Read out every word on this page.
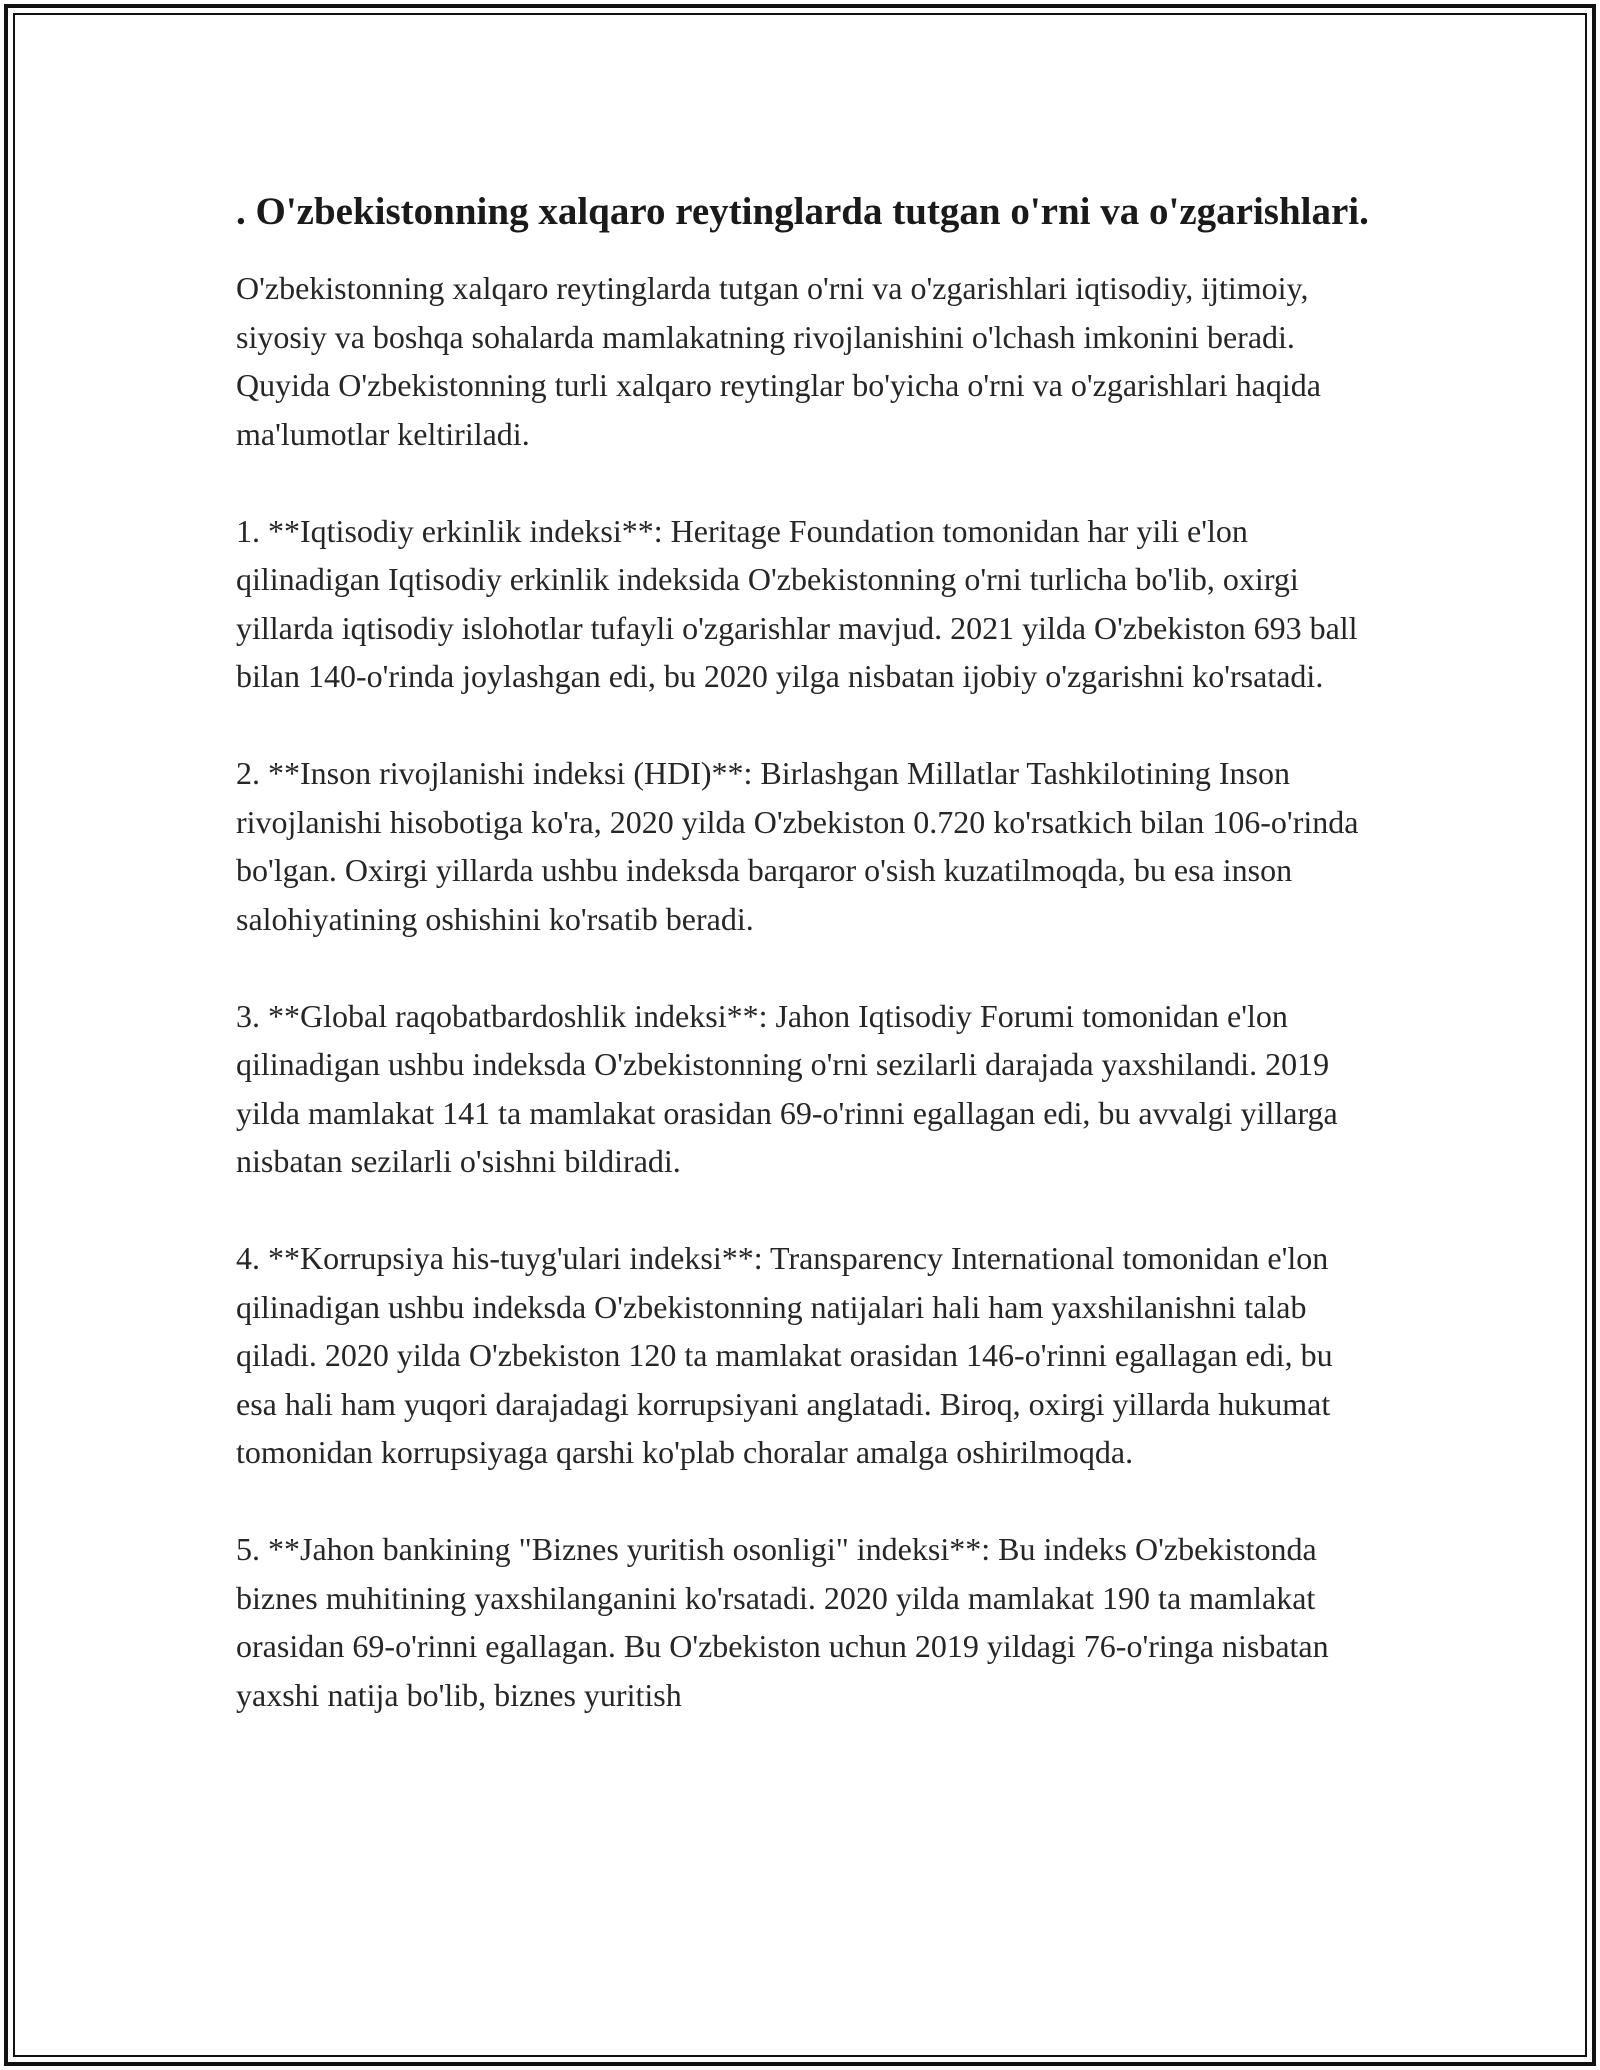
. O'zbekistonning xalqaro reytinglarda tutgan o'rni va o'zgarishlari.

O'zbekistonning xalqaro reytinglarda tutgan o'rni va o'zgarishlari iqtisodiy, ijtimoiy, siyosiy va boshqa sohalarda mamlakatning rivojlanishini o'lchash imkonini beradi. Quyida O'zbekistonning turli xalqaro reytinglar bo'yicha o'rni va o'zgarishlari haqida ma'lumotlar keltiriladi.

1. **Iqtisodiy erkinlik indeksi**: Heritage Foundation tomonidan har yili e'lon qilinadigan Iqtisodiy erkinlik indeksida O'zbekistonning o'rni turlicha bo'lib, oxirgi yillarda iqtisodiy islohotlar tufayli o'zgarishlar mavjud. 2021 yilda O'zbekiston 693 ball bilan 140-o'rinda joylashgan edi, bu 2020 yilga nisbatan ijobiy o'zgarishni ko'rsatadi.

2. **Inson rivojlanishi indeksi (HDI)**: Birlashgan Millatlar Tashkilotining Inson rivojlanishi hisobotiga ko'ra, 2020 yilda O'zbekiston 0.720 ko'rsatkich bilan 106-o'rinda bo'lgan. Oxirgi yillarda ushbu indeksda barqaror o'sish kuzatilmoqda, bu esa inson salohiyatining oshishini ko'rsatib beradi.

3. **Global raqobatbardoshlik indeksi**: Jahon Iqtisodiy Forumi tomonidan e'lon qilinadigan ushbu indeksda O'zbekistonning o'rni sezilarli darajada yaxshilandi. 2019 yilda mamlakat 141 ta mamlakat orasidan 69-o'rinni egallagan edi, bu avvalgi yillarga nisbatan sezilarli o'sishni bildiradi.

4. **Korrupsiya his-tuyg'ulari indeksi**: Transparency International tomonidan e'lon qilinadigan ushbu indeksda O'zbekistonning natijalari hali ham yaxshilanishni talab qiladi. 2020 yilda O'zbekiston 120 ta mamlakat orasidan 146-o'rinni egallagan edi, bu esa hali ham yuqori darajadagi korrupsiyani anglatadi. Biroq, oxirgi yillarda hukumat tomonidan korrupsiyaga qarshi ko'plab choralar amalga oshirilmoqda.

5. **Jahon bankining "Biznes yuritish osonligi" indeksi**: Bu indeks O'zbekistonda biznes muhitining yaxshilanganini ko'rsatadi. 2020 yilda mamlakat 190 ta mamlakat orasidan 69-o'rinni egallagan. Bu O'zbekiston uchun 2019 yildagi 76-o'ringa nisbatan yaxshi natija bo'lib, biznes yuritish
